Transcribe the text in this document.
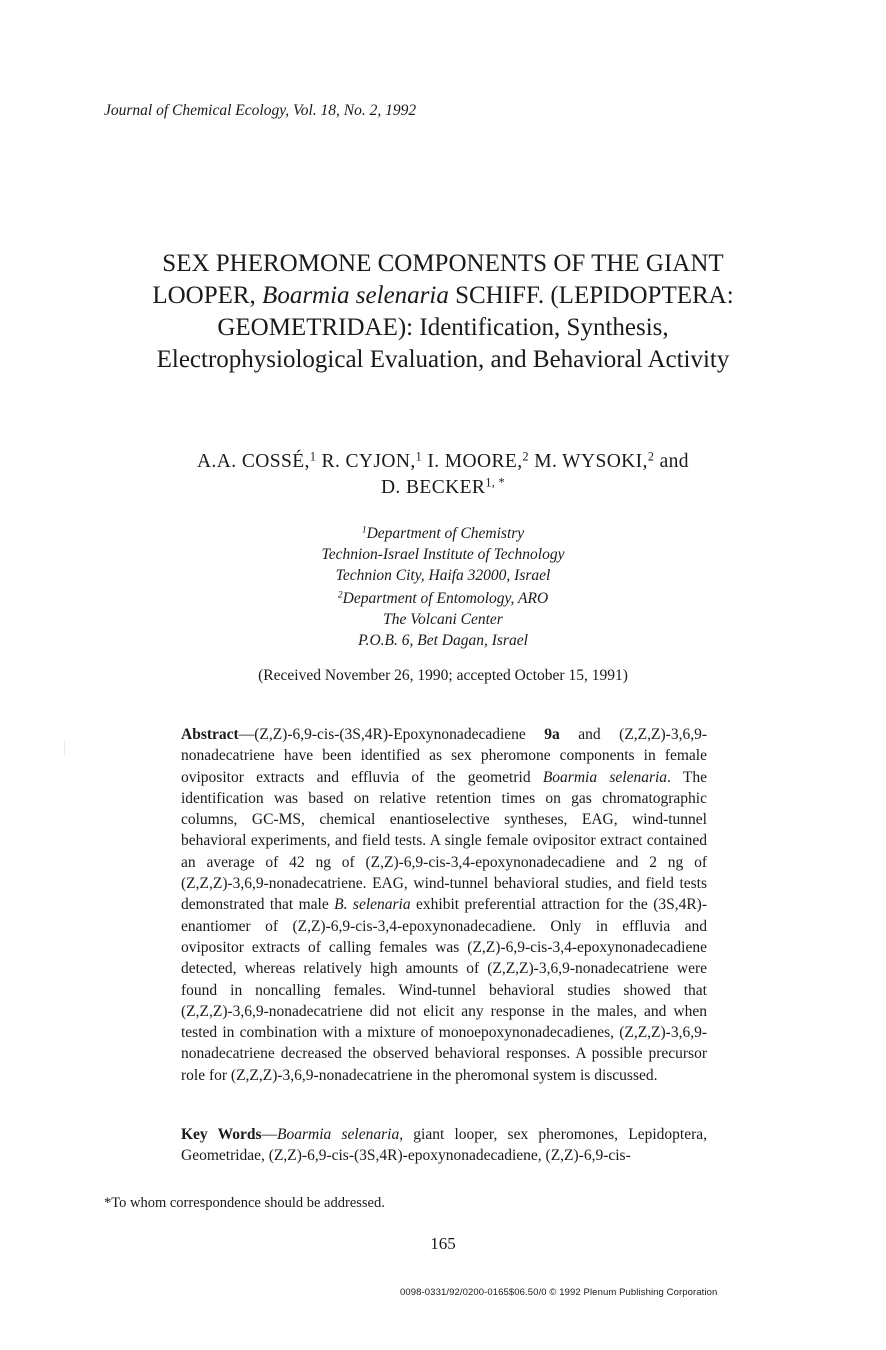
Journal of Chemical Ecology, Vol. 18, No. 2, 1992
SEX PHEROMONE COMPONENTS OF THE GIANT
LOOPER, Boarmia selenaria SCHIFF. (LEPIDOPTERA:
GEOMETRIDAE): Identification, Synthesis,
Electrophysiological Evaluation, and Behavioral Activity
A.A. COSSÉ,$^1$ R. CYJON,$^1$ I. MOORE,$^2$ M. WYSOKI,$^2$ and
D. $BECKER^{1, *}$
$^1$Department of Chemistry
Technion-Israel Institute of Technology
Technion City, Haifa 32000, Israel
$^2$Department of Entomology, ARO
The Volcani Center
P.O.B. 6, Bet Dagan, Israel
(Received November 26, 1990; accepted October 15, 1991)
Abstract—(Z,Z)-6,9-cis-(3S,4R)-Epoxynonadecadiene 9a and (Z,Z,Z)-3,6,9-nonadecatriene have been identified as sex pheromone components in female ovipositor extracts and effluvia of the geometrid Boarmia selenaria. The identification was based on relative retention times on gas chromatographic columns, GC-MS, chemical enantioselective syntheses, EAG, wind-tunnel behavioral experiments, and field tests. A single female ovipositor extract contained an average of 42 ng of (Z,Z)-6,9-cis-3,4-epoxynonadecadiene and 2 ng of (Z,Z,Z)-3,6,9-nonadecatriene. EAG, wind-tunnel behavioral studies, and field tests demonstrated that male B. selenaria exhibit preferential attraction for the (3S,4R)-enantiomer of (Z,Z)-6,9-cis-3,4-epoxynonadecadiene. Only in effluvia and ovipositor extracts of calling females was (Z,Z)-6,9-cis-3,4-epoxynonadecadiene detected, whereas relatively high amounts of (Z,Z,Z)-3,6,9-nonadecatriene were found in noncalling females. Wind-tunnel behavioral studies showed that (Z,Z,Z)-3,6,9-nonadecatriene did not elicit any response in the males, and when tested in combination with a mixture of monoepoxynonadecadienes, (Z,Z,Z)-3,6,9-nonadecatriene decreased the observed behavioral responses. A possible precursor role for (Z,Z,Z)-3,6,9-nonadecatriene in the pheromonal system is discussed.
Key Words—Boarmia selenaria, giant looper, sex pheromones, Lepidoptera, Geometridae, (Z,Z)-6,9-cis-(3S,4R)-epoxynonadecadiene, (Z,Z)-6,9-cis-
*To whom correspondence should be addressed.
165
0098-0331/92/0200-0165$06.50/0 © 1992 Plenum Publishing Corporation
